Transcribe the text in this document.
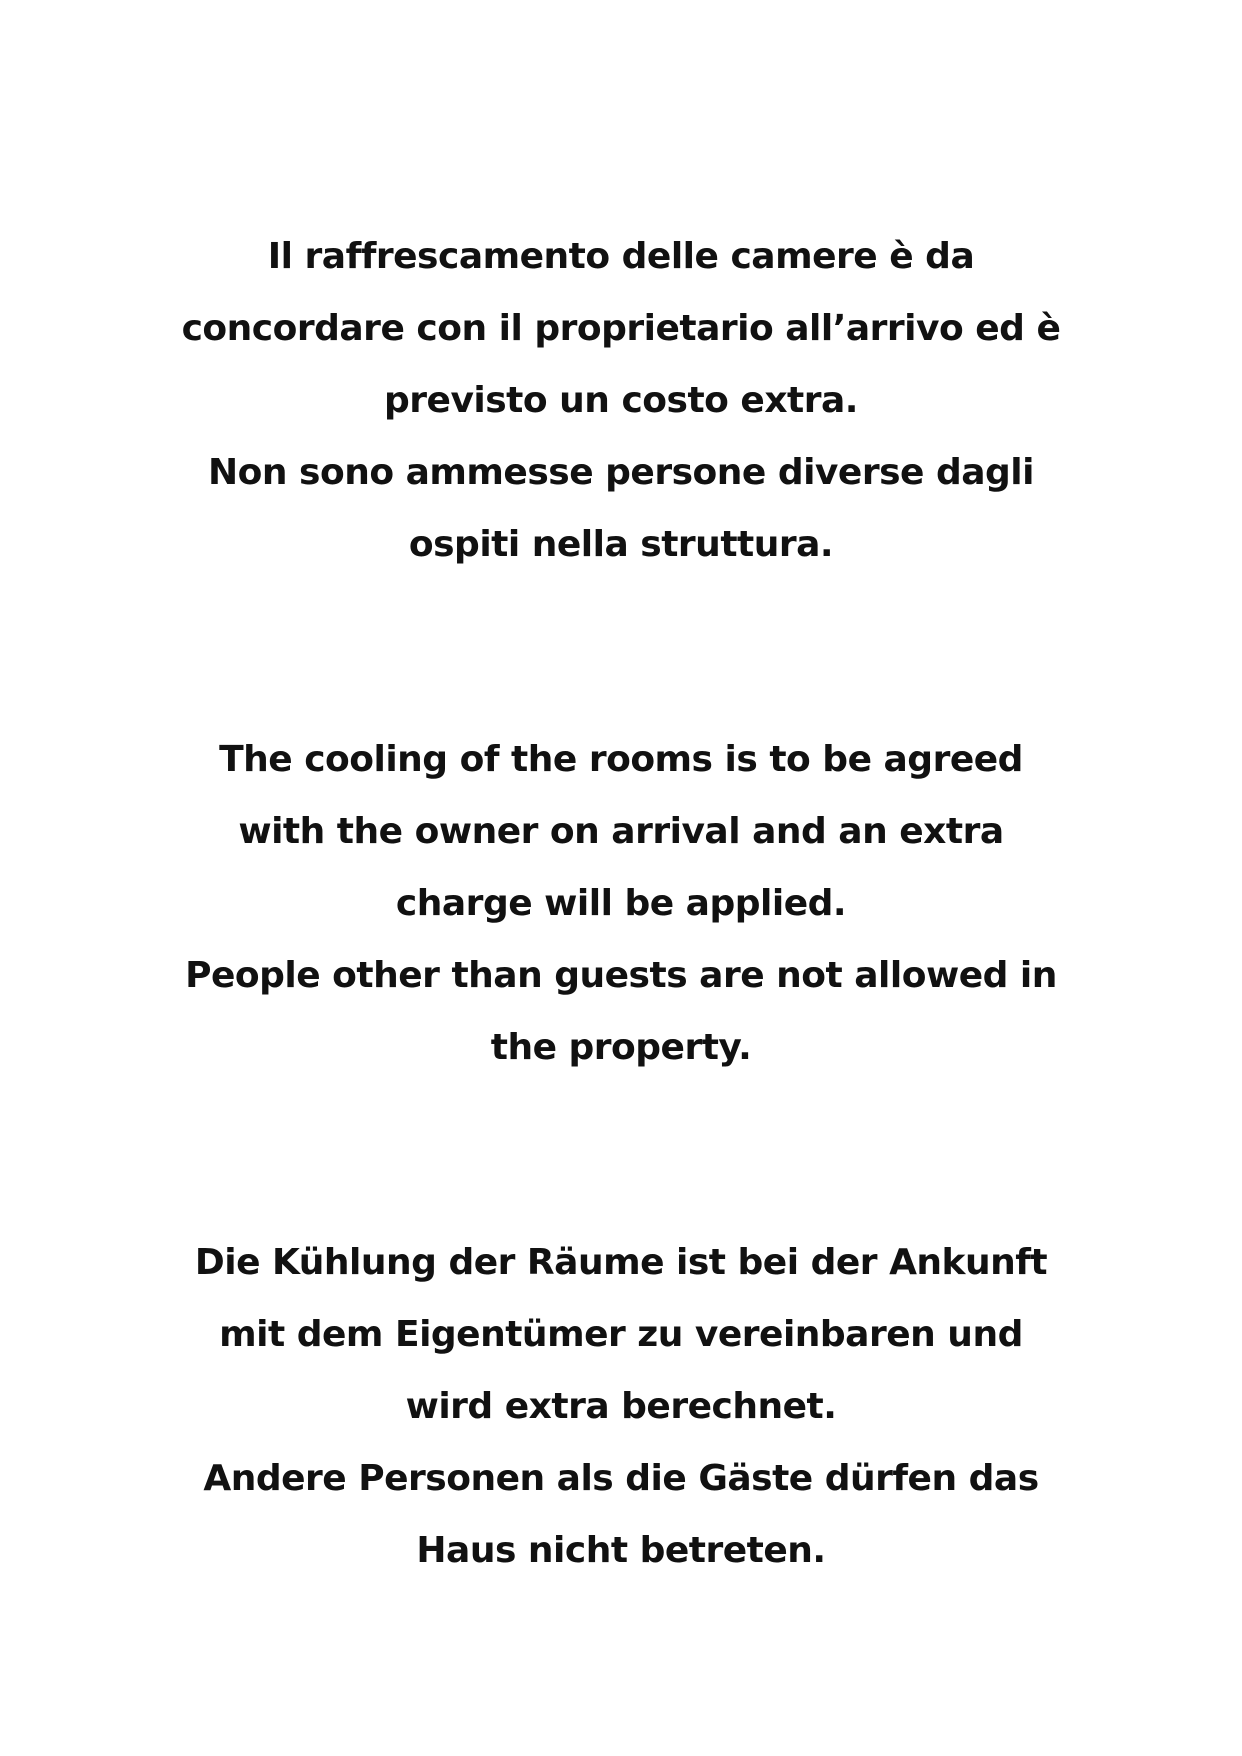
Il raffrescamento delle camere è da
concordare con il proprietario all’arrivo ed è
previsto un costo extra.
Non sono ammesse persone diverse dagli
ospiti nella struttura.
The cooling of the rooms is to be agreed
with the owner on arrival and an extra
charge will be applied.
People other than guests are not allowed in
the property.
Die Kühlung der Räume ist bei der Ankunft
mit dem Eigentümer zu vereinbaren und
wird extra berechnet.
Andere Personen als die Gäste dürfen das
Haus nicht betreten.
